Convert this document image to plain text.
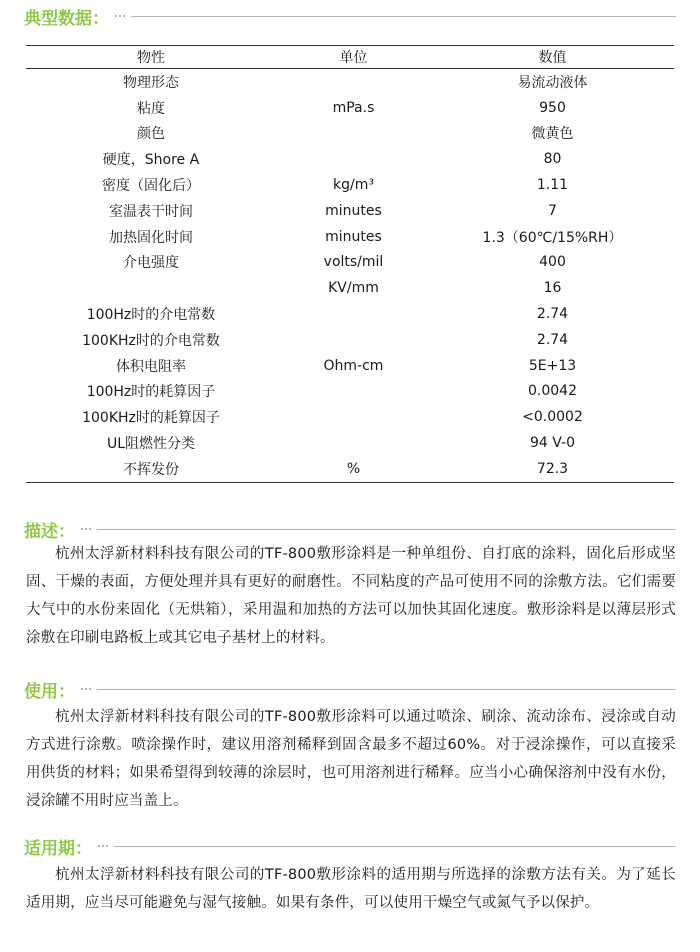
典型数据：
物性	单位	数值
物理形态		易流动液体
粘度	mPa.s	950
颜色		微黄色
硬度，Shore A		80
密度（固化后）	kg/m³	1.11
室温表干时间	minutes	7
加热固化时间	minutes	1.3（60℃/15%RH）
介电强度	volts/mil	400
	KV/mm	16
100Hz时的介电常数		2.74
100KHz时的介电常数		2.74
体积电阻率	Ohm-cm	5E+13
100Hz时的耗算因子		0.0042
100KHz时的耗算因子		<0.0002
UL阻燃性分类		94 V-0
不挥发份	%	72.3
描述：

杭州太浮新材料科技有限公司的TF-800敷形涂料是一种单组份、自打底的涂料，固化后形成坚固、干燥的表面，方便处理并具有更好的耐磨性。不同粘度的产品可使用不同的涂敷方法。它们需要大气中的水份来固化（无烘箱），采用温和加热的方法可以加快其固化速度。敷形涂料是以薄层形式涂敷在印刷电路板上或其它电子基材上的材料。

使用：

杭州太浮新材料科技有限公司的TF-800敷形涂料可以通过喷涂、刷涂、流动涂布、浸涂或自动方式进行涂敷。喷涂操作时，建议用溶剂稀释到固含最多不超过60%。对于浸涂操作，可以直接采用供货的材料；如果希望得到较薄的涂层时，也可用溶剂进行稀释。应当小心确保溶剂中没有水份，浸涂罐不用时应当盖上。

适用期：

杭州太浮新材料科技有限公司的TF-800敷形涂料的适用期与所选择的涂敷方法有关。为了延长适用期，应当尽可能避免与湿气接触。如果有条件，可以使用干燥空气或氮气予以保护。
